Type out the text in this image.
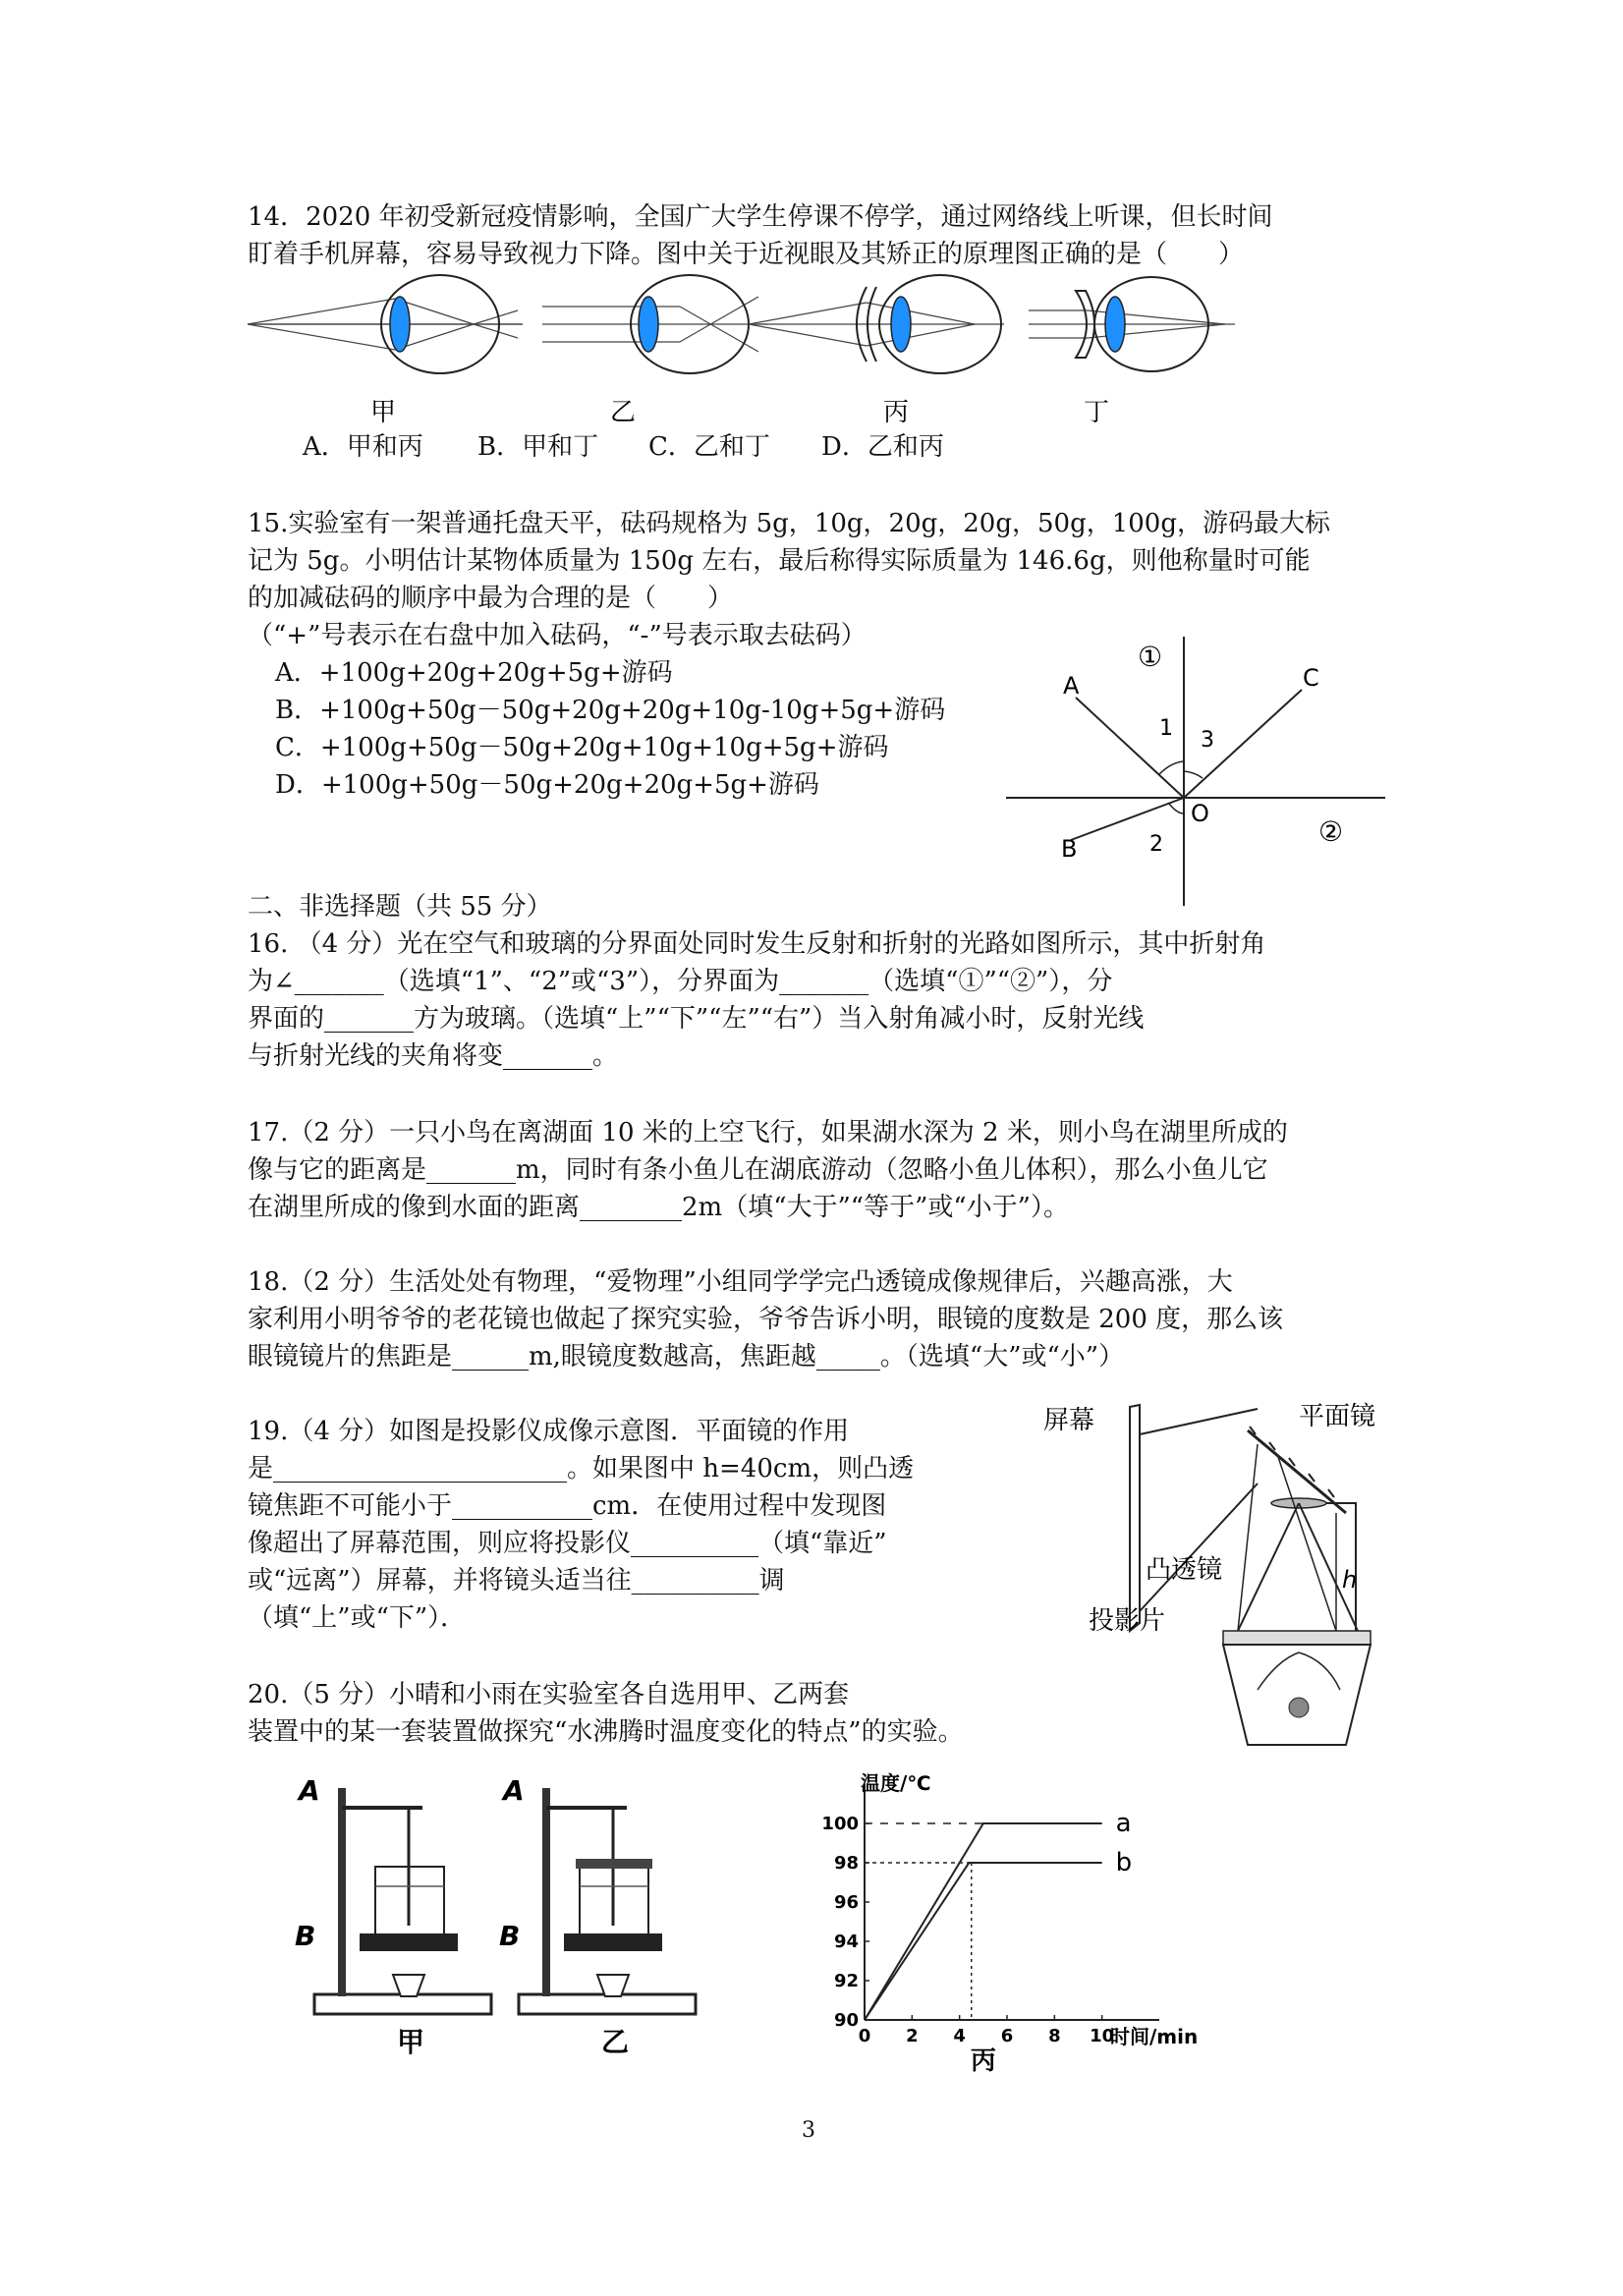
14．2020 年初受新冠疫情影响，全国广大学生停课不停学，通过网络线上听课，但长时间
盯着手机屏幕，容易导致视力下降。图中关于近视眼及其矫正的原理图正确的是（　　）
甲	乙	丙	丁
A．甲和丙 B．甲和丁 C．乙和丁 D．乙和丙
15.实验室有一架普通托盘天平，砝码规格为 5g，10g，20g，20g，50g，100g，游码最大标
记为 5g。小明估计某物体质量为 150g 左右，最后称得实际质量为 146.6g，则他称量时可能
的加减砝码的顺序中最为合理的是（　　）
（“+”号表示在右盘中加入砝码，“-”号表示取去砝码）
A．+100g+20g+20g+5g+游码
B．+100g+50g－50g+20g+20g+10g-10g+5g+游码
C．+100g+50g－50g+20g+10g+10g+5g+游码
D．+100g+50g－50g+20g+20g+5g+游码
A
B
C
O
1 3
2
①
②
二、非选择题（共 55 分）
16. （4 分）光在空气和玻璃的分界面处同时发生反射和折射的光路如图所示，其中折射角
为∠_______（选填“1”、“2”或“3”），分界面为_______（选填“①”“②”），分
界面的_______方为玻璃。（选填“上”“下”“左”“右”）当入射角减小时，反射光线
与折射光线的夹角将变_______。
17.（2 分）一只小鸟在离湖面 10 米的上空飞行，如果湖水深为 2 米，则小鸟在湖里所成的
像与它的距离是_______m，同时有条小鱼儿在湖底游动（忽略小鱼儿体积），那么小鱼儿它
在湖里所成的像到水面的距离________2m（填“大于”“等于”或“小于”）。
18.（2 分）生活处处有物理，“爱物理”小组同学学完凸透镜成像规律后，兴趣高涨，大
家利用小明爷爷的老花镜也做起了探究实验，爷爷告诉小明，眼镜的度数是 200 度，那么该
眼镜镜片的焦距是______m,眼镜度数越高，焦距越_____。（选填“大”或“小”）
19.（4 分）如图是投影仪成像示意图．平面镜的作用
是_______________________。如果图中 h=40cm，则凸透
镜焦距不可能小于___________cm．在使用过程中发现图
像超出了屏幕范围，则应将投影仪__________（填“靠近”
或“远离”）屏幕，并将镜头适当往__________调
（填“上”或“下”）．
h
屏幕	平面镜
凸透镜
投影片
20.（5 分）小晴和小雨在实验室各自选用甲、乙两套
装置中的某一套装置做探究“水沸腾时温度变化的特点”的实验。
A
B
甲
A
B
乙	0 2 4 6 8 10
90
92
94
96
98
100	a
b
温度/℃
时间/min
丙
3
